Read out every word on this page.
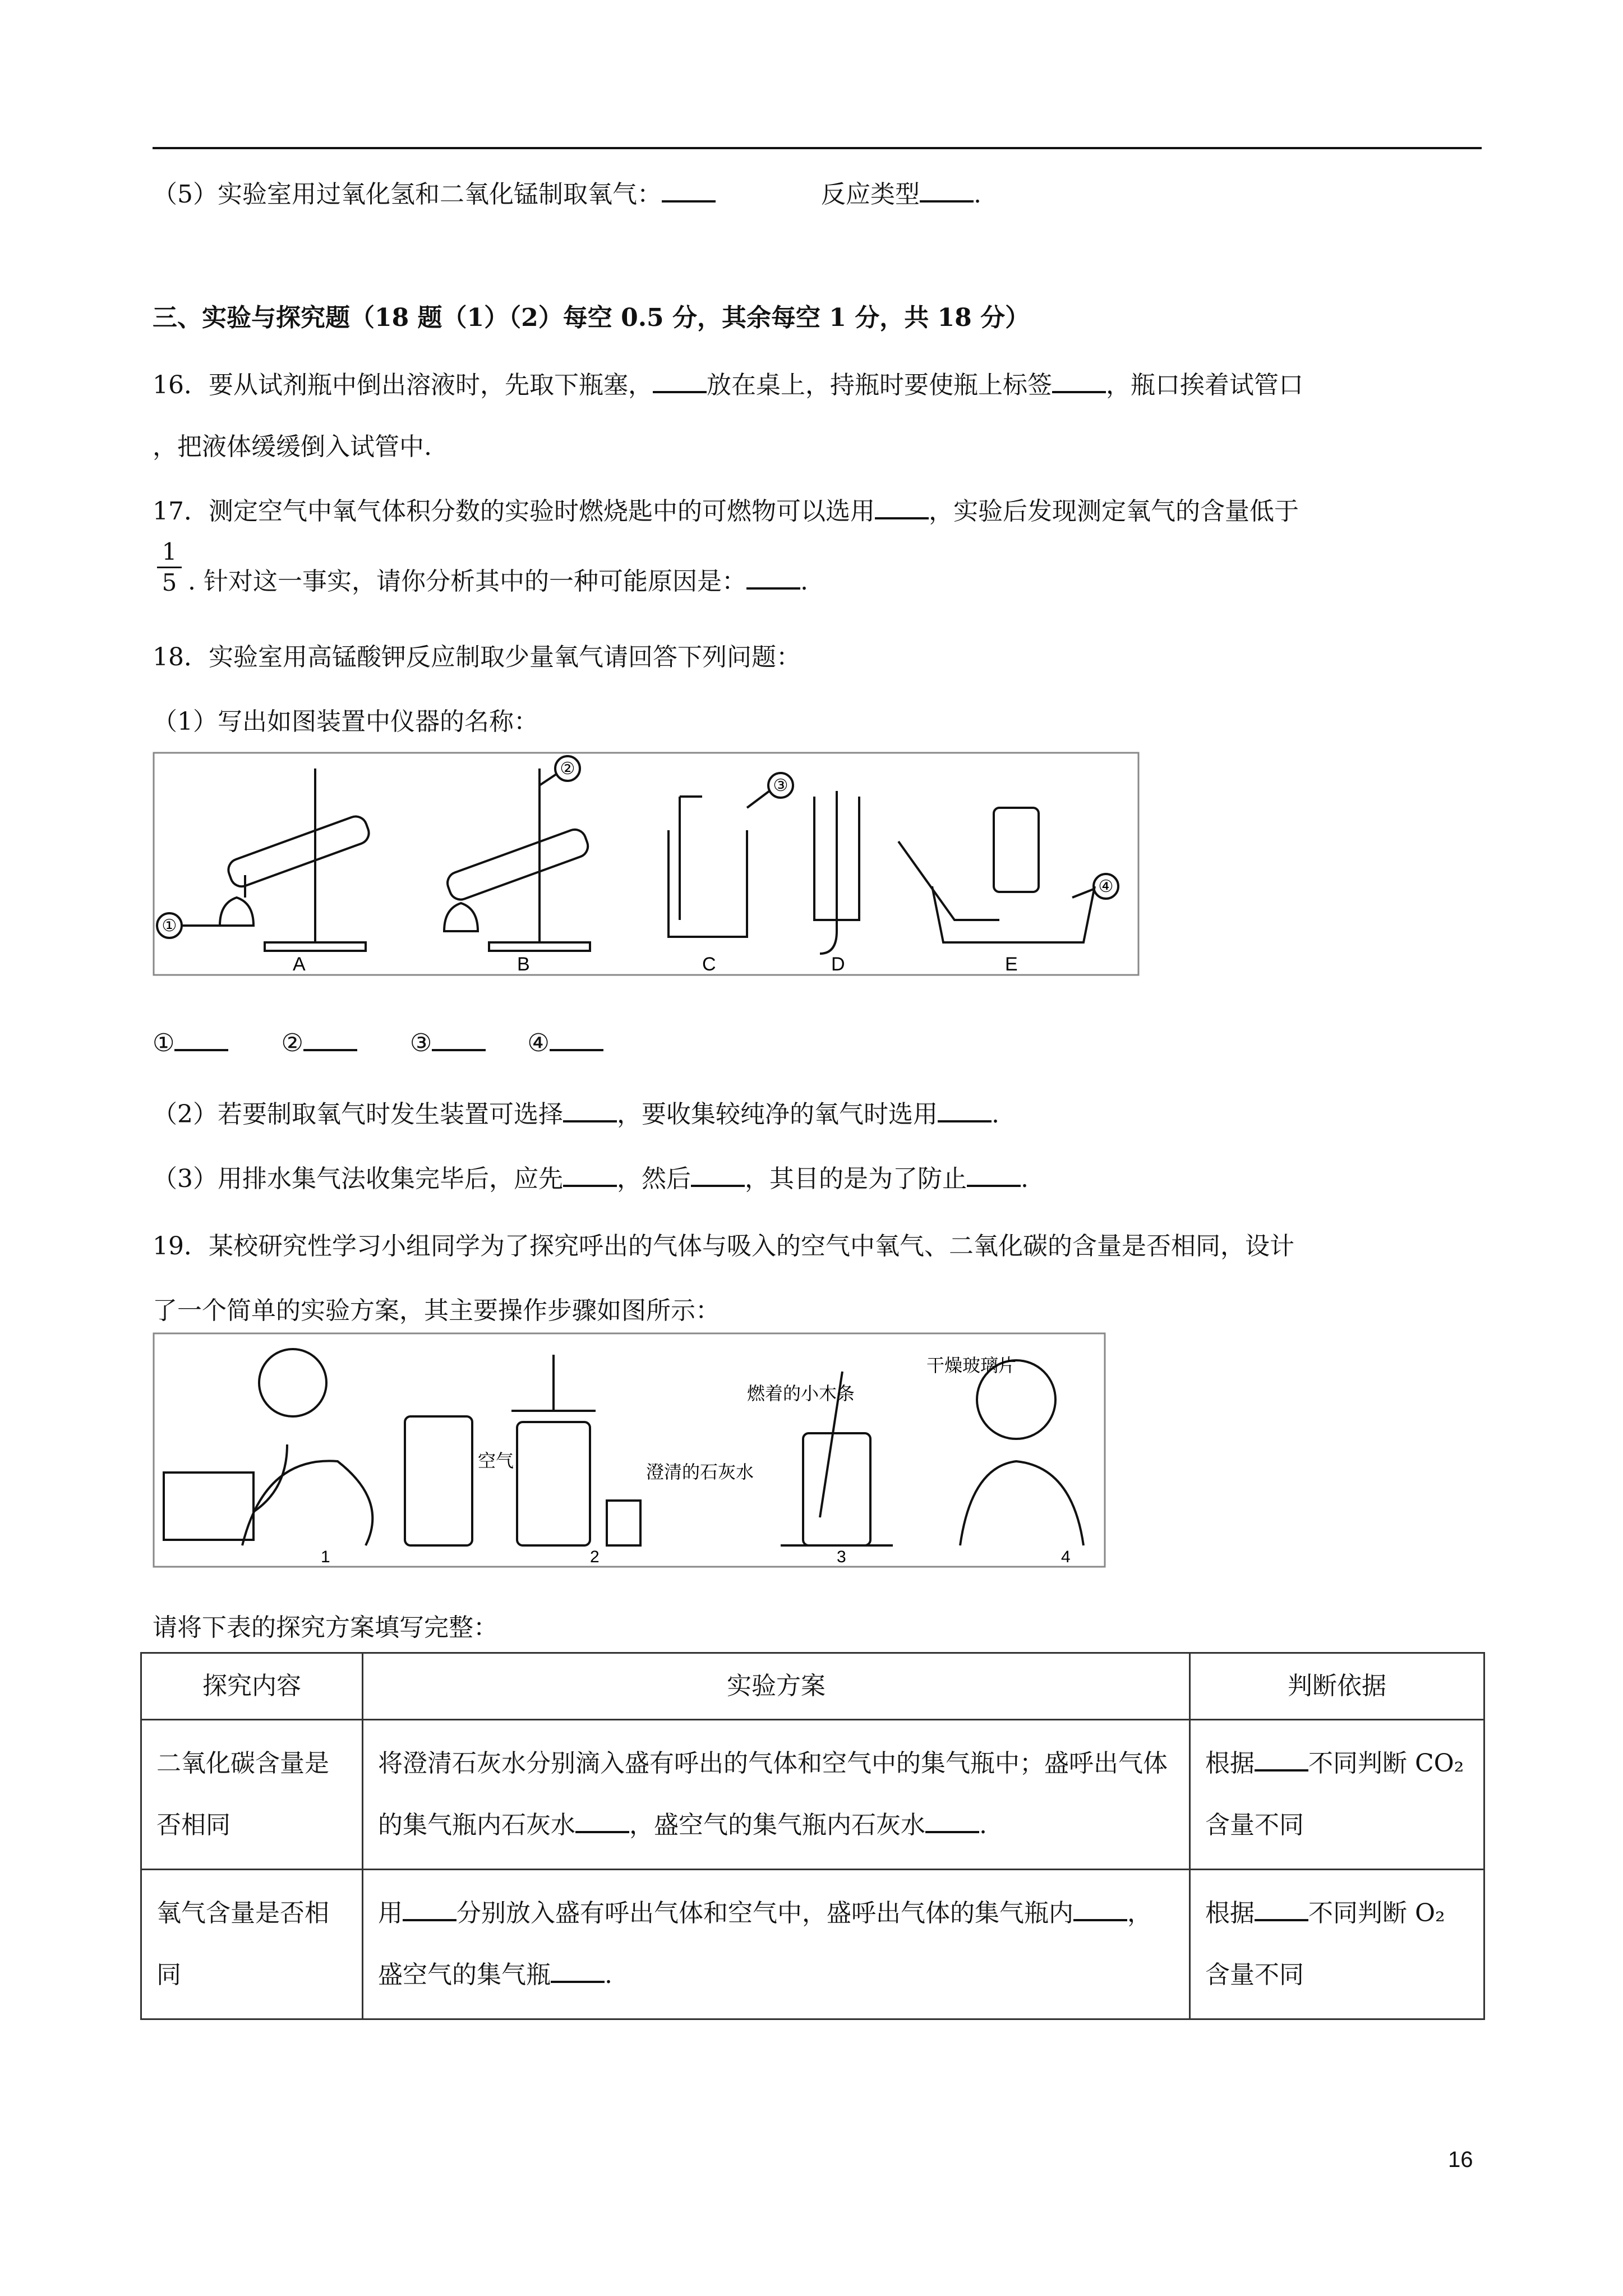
（5）实验室用过氧化氢和二氧化锰制取氧气：	反应类型 .
三、实验与探究题（18 题（1）（2）每空 0.5 分，其余每空 1 分，共 18 分）
16．要从试剂瓶中倒出溶液时，先取下瓶塞， 放在桌上，持瓶时要使瓶上标签 ，瓶口挨着试管口
，把液体缓缓倒入试管中.
17．测定空气中氧气体积分数的实验时燃烧匙中的可燃物可以选用 ，实验后发现测定氧气的含量低于
1
5 . 针对这一事实，请你分析其中的一种可能原因是： .
18．实验室用高锰酸钾反应制取少量氧气请回答下列问题：
（1）写出如图装置中仪器的名称：
①
②
③
④
A	B	C	D	E
①	②	③	④
（2）若要制取氧气时发生装置可选择 ，要收集较纯净的氧气时选用 .
（3）用排水集气法收集完毕后，应先 ，然后 ，其目的是为了防止 .
19．某校研究性学习小组同学为了探究呼出的气体与吸入的空气中氧气、二氧化碳的含量是否相同，设计
了一个简单的实验方案，其主要操作步骤如图所示：
空气
澄清的石灰水
燃着的小木条
干燥玻璃片
1	2	3	4
请将下表的探究方案填写完整：
探究内容	实验方案	判断依据
二氧化碳含量是否相同	将澄清石灰水分别滴入盛有呼出的气体和空气中的集气瓶中；盛呼出气体的集气瓶内石灰水 ，盛空气的集气瓶内石灰水 .	根据 不同判断 CO₂ 含量不同
氧气含量是否相同	用 分别放入盛有呼出气体和空气中，盛呼出气体的集气瓶内 ，盛空气的集气瓶 .	根据 不同判断 O₂ 含量不同
16
